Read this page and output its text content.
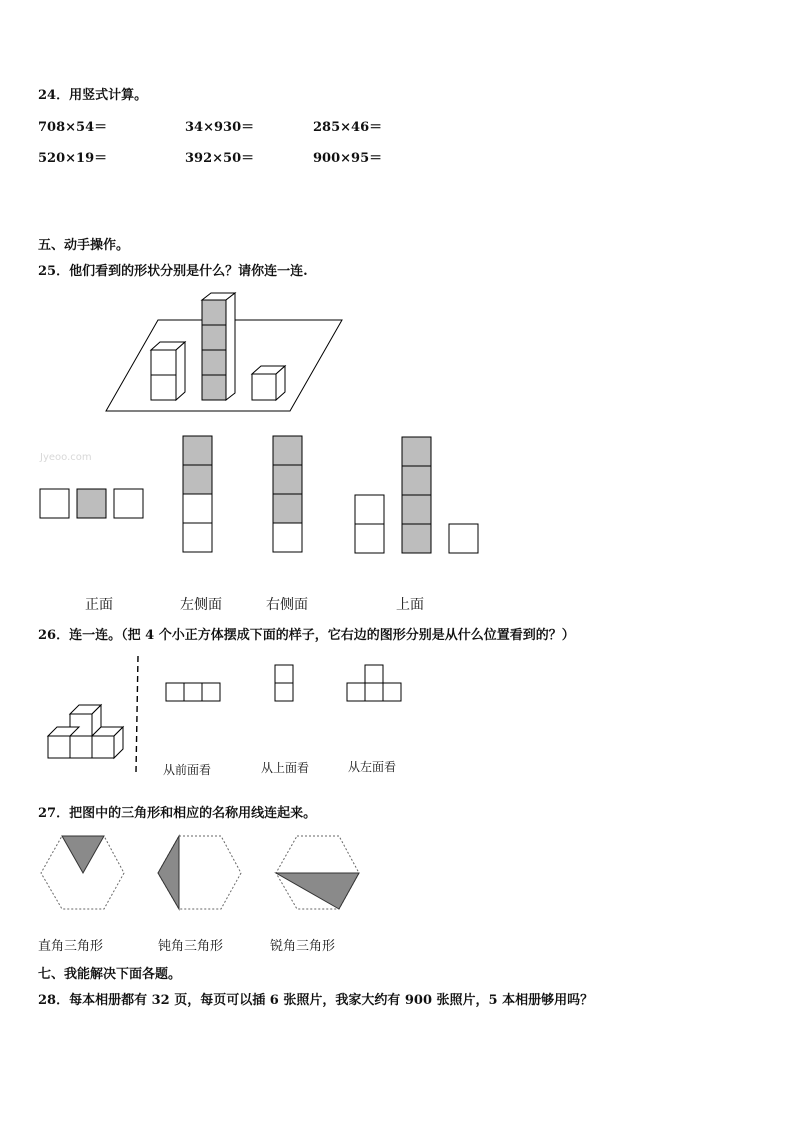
24．用竖式计算。
708×54＝	34×930＝	285×46＝
520×19＝	392×50＝	900×95＝
五、动手操作。
25．他们看到的形状分别是什么？请你连一连.
Jyeoo.com
正面	左侧面	右侧面	上面
26．连一连。（把 4 个小正方体摆成下面的样子，它右边的图形分别是从什么位置看到的？）
从前面看	从上面看	从左面看
27．把图中的三角形和相应的名称用线连起来。
直角三角形	钝角三角形	锐角三角形
七、我能解决下面各题。
28．每本相册都有 32 页，每页可以插 6 张照片，我家大约有 900 张照片，5 本相册够用吗？
